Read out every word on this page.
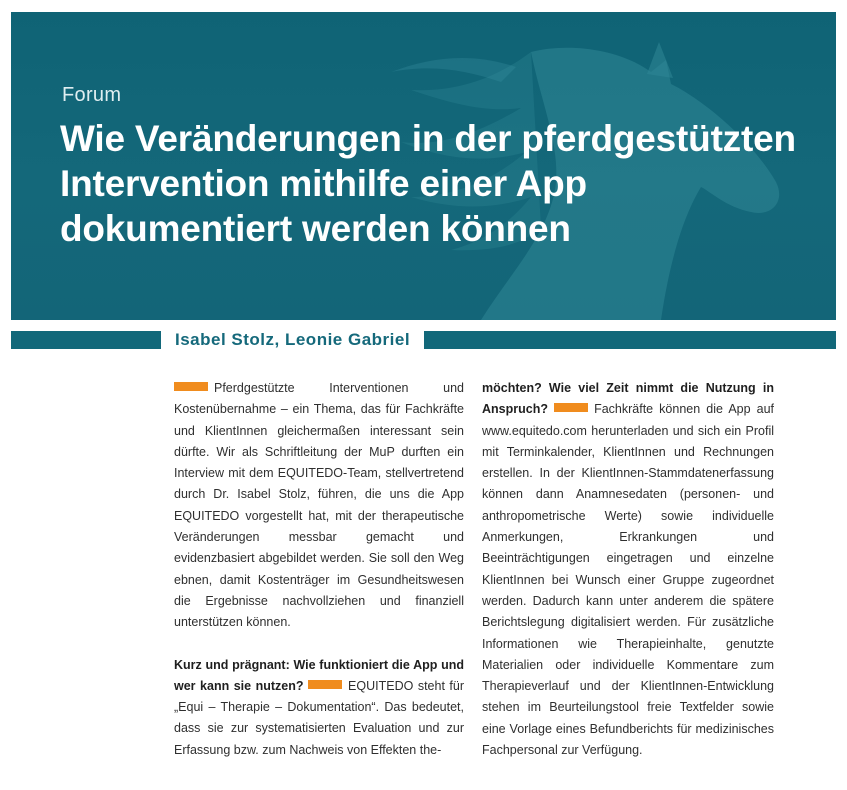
Forum
Wie Veränderungen in der pferdgestützten Intervention mithilfe einer App dokumentiert werden können
Isabel Stolz, Leonie Gabriel

Pferdgestützte Interventionen und Kostenübernahme – ein Thema, das für Fachkräfte und KlientInnen gleichermaßen interessant sein dürfte. Wir als Schriftleitung der MuP durften ein Interview mit dem EQUITEDO-Team, stellvertretend durch Dr. Isabel Stolz, führen, die uns die App EQUITEDO vorgestellt hat, mit der therapeutische Veränderungen messbar gemacht und evidenzbasiert abgebildet werden. Sie soll den Weg ebnen, damit Kostenträger im Gesundheitswesen die Ergebnisse nachvollziehen und finanziell unterstützen können.

Kurz und prägnant: Wie funktioniert die App und wer kann sie nutzen?	EQUITEDO steht für „Equi – Therapie – Dokumentation“. Das bedeutet, dass sie zur systematisierten Evaluation und zur Erfassung bzw. zum Nachweis von Effekten the-

möchten? Wie viel Zeit nimmt die Nutzung in Anspruch?	Fachkräfte können die App auf www.equitedo.com herunterladen und sich ein Profil mit Terminkalender, KlientInnen und Rechnungen erstellen. In der KlientInnen-Stammdatenerfassung können dann Anamnesedaten (personen- und anthropometrische Werte) sowie individuelle Anmerkungen, Erkrankungen und Beeinträchtigungen eingetragen und einzelne KlientInnen bei Wunsch einer Gruppe zugeordnet werden. Dadurch kann unter anderem die spätere Berichtslegung digitalisiert werden. Für zusätzliche Informationen wie Therapieinhalte, genutzte Materialien oder individuelle Kommentare zum Therapieverlauf und der KlientInnen-Entwicklung stehen im Beurteilungstool freie Textfelder sowie eine Vorlage eines Befundberichts für medizinisches Fachpersonal zur Verfügung.
